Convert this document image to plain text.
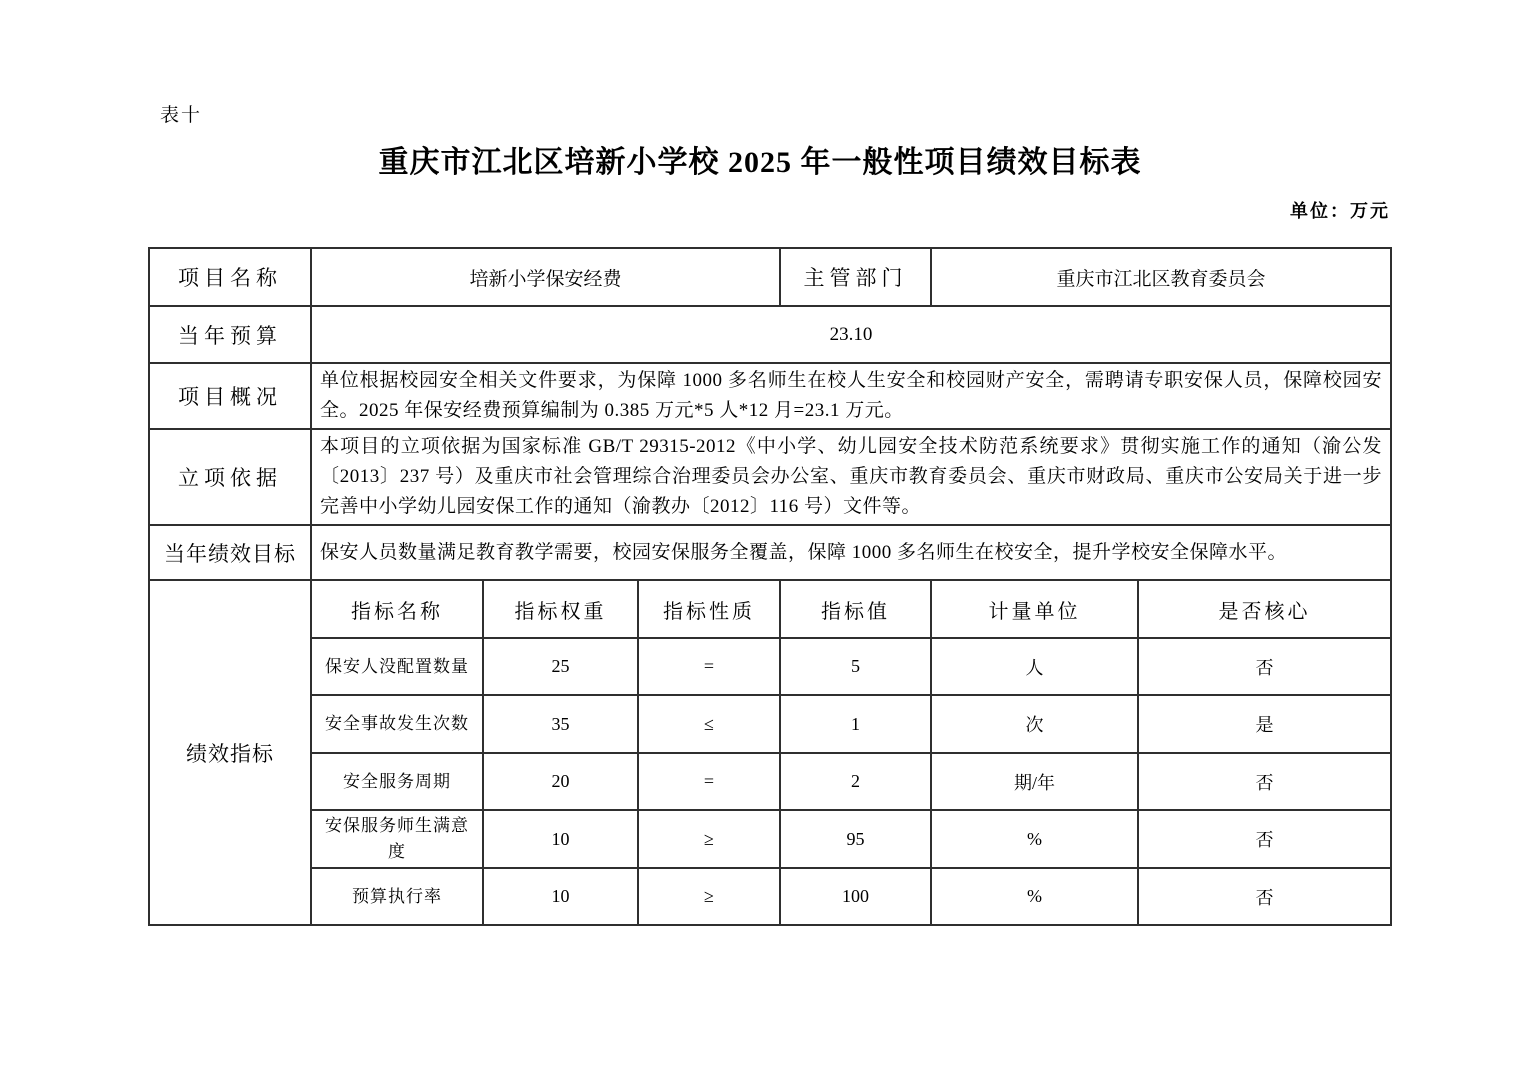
表十
重庆市江北区培新小学校 2025 年一般性项目绩效目标表
单位：万元
项目名称	培新小学保安经费			主管部门	重庆市江北区教育委员会	
当年预算	23.10					
项目概况	单位根据校园安全相关文件要求，为保障 1000 多名师生在校人生安全和校园财产安全，需聘请专职安保人员，保障校园安全。2025 年保安经费预算编制为 0.385 万元*5 人*12 月=23.1 万元。					
立项依据	本项目的立项依据为国家标准 GB/T 29315-2012《中小学、幼儿园安全技术防范系统要求》贯彻实施工作的通知（渝公发〔2013〕237 号）及重庆市社会管理综合治理委员会办公室、重庆市教育委员会、重庆市财政局、重庆市公安局关于进一步完善中小学幼儿园安保工作的通知（渝教办〔2012〕116 号）文件等。					
当年绩效目标	保安人员数量满足教育教学需要，校园安保服务全覆盖，保障 1000 多名师生在校安全，提升学校安全保障水平。					
绩效指标	指标名称	指标权重	指标性质	指标值	计量单位	是否核心
	保安人没配置数量	25	=	5	人	否
	安全事故发生次数	35	≤	1	次	是
	安全服务周期	20	=	2	期/年	否
	安保服务师生满意度	10	≥	95	%	否
	预算执行率	10	≥	100	%	否
